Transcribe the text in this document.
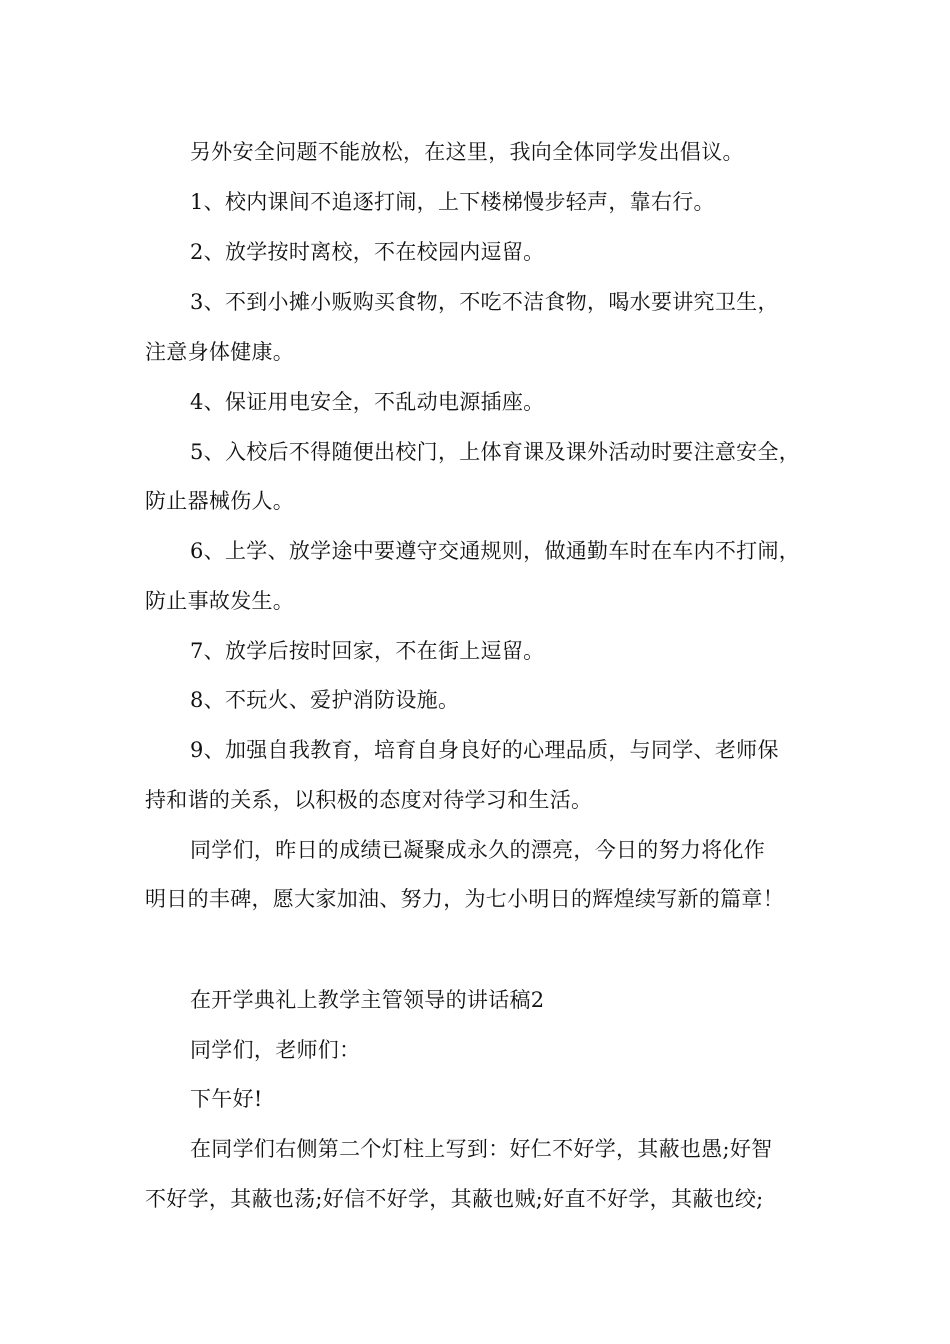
另外安全问题不能放松，在这里，我向全体同学发出倡议。
1、校内课间不追逐打闹，上下楼梯慢步轻声，靠右行。
2、放学按时离校，不在校园内逗留。
3、不到小摊小贩购买食物，不吃不洁食物，喝水要讲究卫生，
注意身体健康。
4、保证用电安全，不乱动电源插座。
5、入校后不得随便出校门，上体育课及课外活动时要注意安全，
防止器械伤人。
6、上学、放学途中要遵守交通规则，做通勤车时在车内不打闹，
防止事故发生。
7、放学后按时回家，不在街上逗留。
8、不玩火、爱护消防设施。
9、加强自我教育，培育自身良好的心理品质，与同学、老师保
持和谐的关系，以积极的态度对待学习和生活。
同学们，昨日的成绩已凝聚成永久的漂亮，今日的努力将化作
明日的丰碑，愿大家加油、努力，为七小明日的辉煌续写新的篇章！
在开学典礼上教学主管领导的讲话稿2
同学们，老师们：
下午好!
在同学们右侧第二个灯柱上写到：好仁不好学，其蔽也愚;好智
不好学，其蔽也荡;好信不好学，其蔽也贼;好直不好学，其蔽也绞;
